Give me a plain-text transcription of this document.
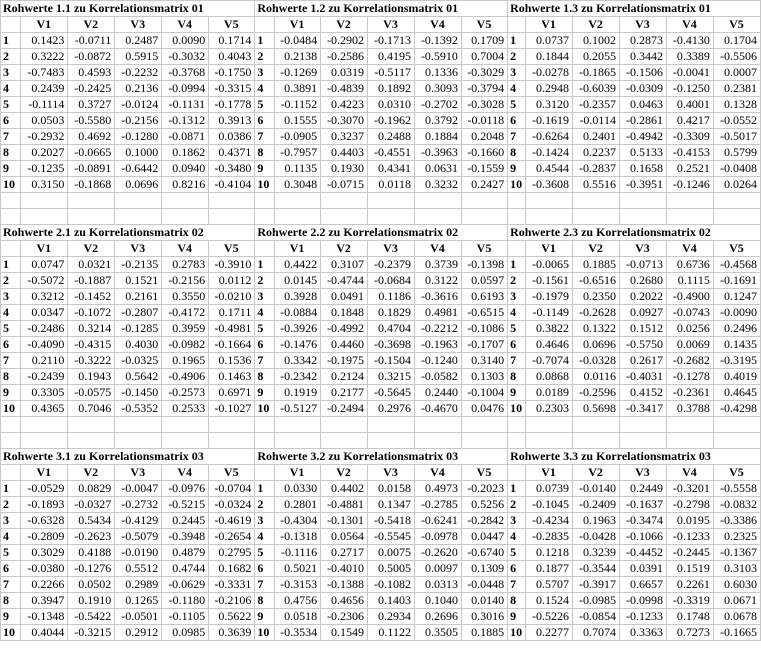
Rohwerte 1.1 zu Korrelationsmatrix 01						Rohwerte 1.2 zu Korrelationsmatrix 01						Rohwerte 1.3 zu Korrelationsmatrix 01					
	V1	V2	V3	V4	V5		V1	V2	V3	V4	V5		V1	V2	V3	V4	V5
1	0.1423	-0.0711	0.2487	0.0090	0.1714	1	-0.0484	-0.2902	-0.1713	-0.1392	0.1709	1	0.0737	0.1002	0.2873	-0.4130	0.1704
2	0.3222	-0.0872	0.5915	-0.3032	0.4043	2	0.2138	-0.2586	0.4195	-0.5910	0.7004	2	0.1844	0.2055	0.3442	0.3389	-0.5506
3	-0.7483	0.4593	-0.2232	-0.3768	-0.1750	3	-0.1269	0.0319	-0.5117	0.1336	-0.3029	3	-0.0278	-0.1865	-0.1506	-0.0041	0.0007
4	0.2439	-0.2425	0.2136	-0.0994	-0.3315	4	0.3891	-0.4839	0.1892	0.3093	-0.3794	4	0.2948	-0.6039	-0.0309	-0.1250	0.2381
5	-0.1114	0.3727	-0.0124	-0.1131	-0.1778	5	-0.1152	0.4223	0.0310	-0.2702	-0.3028	5	0.3120	-0.2357	0.0463	0.4001	0.1328
6	0.0503	-0.5580	-0.2156	-0.1312	0.3913	6	0.1555	-0.3070	-0.1962	0.3792	-0.0118	6	-0.1619	-0.0114	-0.2861	0.4217	-0.0552
7	-0.2932	0.4692	-0.1280	-0.0871	0.0386	7	-0.0905	0.3237	0.2488	0.1884	0.2048	7	-0.6264	0.2401	-0.4942	-0.3309	-0.5017
8	0.2027	-0.0665	0.1000	0.1862	0.4371	8	-0.7957	0.4403	-0.4551	-0.3963	-0.1660	8	-0.1424	0.2237	0.5133	-0.4153	0.5799
9	-0.1235	-0.0891	-0.6442	0.0940	-0.3480	9	0.1135	0.1930	0.4341	0.0631	-0.1559	9	0.4544	-0.2837	0.1658	0.2521	-0.0408
10	0.3150	-0.1868	0.0696	0.8216	-0.4104	10	0.3048	-0.0715	0.0118	0.3232	0.2427	10	-0.3608	0.5516	-0.3951	-0.1246	0.0264

Rohwerte 2.1 zu Korrelationsmatrix 02						Rohwerte 2.2 zu Korrelationsmatrix 02						Rohwerte 2.3 zu Korrelationsmatrix 02					
	V1	V2	V3	V4	V5		V1	V2	V3	V4	V5		V1	V2	V3	V4	V5
1	0.0747	0.0321	-0.2135	0.2783	-0.3910	1	0.4422	0.3107	-0.2379	0.3739	-0.1398	1	-0.0065	0.1885	-0.0713	0.6736	-0.4568
2	-0.5072	-0.1887	0.1521	-0.2156	0.0112	2	0.0145	-0.4744	-0.0684	0.3122	0.0597	2	-0.1561	-0.6516	0.2680	0.1115	-0.1691
3	0.3212	-0.1452	0.2161	0.3550	-0.0210	3	0.3928	0.0491	0.1186	-0.3616	0.6193	3	-0.1979	0.2350	0.2022	-0.4900	0.1247
4	0.0347	-0.1072	-0.2807	-0.4172	0.1711	4	-0.0884	0.1848	0.1829	0.4981	-0.6515	4	-0.1149	-0.2628	0.0927	-0.0743	-0.0090
5	-0.2486	0.3214	-0.1285	0.3959	-0.4981	5	-0.3926	-0.4992	0.4704	-0.2212	-0.1086	5	0.3822	0.1322	0.1512	0.0256	0.2496
6	-0.4090	-0.4315	0.4030	-0.0982	-0.1664	6	-0.1476	0.4460	-0.3698	-0.1963	-0.1707	6	0.4646	0.0696	-0.5750	0.0069	0.1435
7	0.2110	-0.3222	-0.0325	0.1965	0.1536	7	0.3342	-0.1975	-0.1504	-0.1240	0.3140	7	-0.7074	-0.0328	0.2617	-0.2682	-0.3195
8	-0.2439	0.1943	0.5642	-0.4906	0.1463	8	-0.2342	0.2124	0.3215	-0.0582	0.1303	8	0.0868	0.0116	-0.4031	-0.1278	0.4019
9	0.3305	-0.0575	-0.1450	-0.2573	0.6971	9	0.1919	0.2177	-0.5645	0.2440	-0.1004	9	0.0189	-0.2596	0.4152	-0.2361	0.4645
10	0.4365	0.7046	-0.5352	0.2533	-0.1027	10	-0.5127	-0.2494	0.2976	-0.4670	0.0476	10	0.2303	0.5698	-0.3417	0.3788	-0.4298

Rohwerte 3.1 zu Korrelationsmatrix 03						Rohwerte 3.2 zu Korrelationsmatrix 03						Rohwerte 3.3 zu Korrelationsmatrix 03					
	V1	V2	V3	V4	V5		V1	V2	V3	V4	V5		V1	V2	V3	V4	V5
1	-0.0529	0.0829	-0.0047	-0.0976	-0.0704	1	0.0330	0.4402	0.0158	0.4973	-0.2023	1	0.0739	-0.0140	0.2449	-0.3201	-0.5558
2	-0.1893	-0.0327	-0.2732	-0.5215	-0.0324	2	0.2801	-0.4881	0.1347	-0.2785	0.5256	2	-0.1045	-0.2409	-0.1637	-0.2798	-0.0832
3	-0.6328	0.5434	-0.4129	0.2445	-0.4619	3	-0.4304	-0.1301	-0.5418	-0.6241	-0.2842	3	-0.4234	0.1963	-0.3474	0.0195	-0.3386
4	-0.2809	-0.2623	-0.5079	-0.3948	-0.2654	4	-0.1318	0.0564	-0.5545	-0.0978	0.0447	4	-0.2835	-0.0428	-0.1066	-0.1233	0.2325
5	0.3029	0.4188	-0.0190	0.4879	0.2795	5	-0.1116	0.2717	0.0075	-0.2620	-0.6740	5	0.1218	0.3239	-0.4452	-0.2445	-0.1367
6	-0.0380	-0.1276	0.5512	0.4744	0.1682	6	0.5021	-0.4010	0.5005	0.0097	0.1309	6	0.1877	-0.3544	0.0391	0.1519	0.3103
7	0.2266	0.0502	0.2989	-0.0629	-0.3331	7	-0.3153	-0.1388	-0.1082	0.0313	-0.0448	7	0.5707	-0.3917	0.6657	0.2261	0.6030
8	0.3947	0.1910	0.1265	-0.1180	-0.2106	8	0.4756	0.4656	0.1403	0.1040	0.0140	8	0.1524	-0.0985	-0.0998	-0.3319	0.0671
9	-0.1348	-0.5422	-0.0501	-0.1105	0.5622	9	0.0518	-0.2306	0.2934	0.2696	0.3016	9	-0.5226	-0.0854	-0.1233	0.1748	0.0678
10	0.4044	-0.3215	0.2912	0.0985	0.3639	10	-0.3534	0.1549	0.1122	0.3505	0.1885	10	0.2277	0.7074	0.3363	0.7273	-0.1665
